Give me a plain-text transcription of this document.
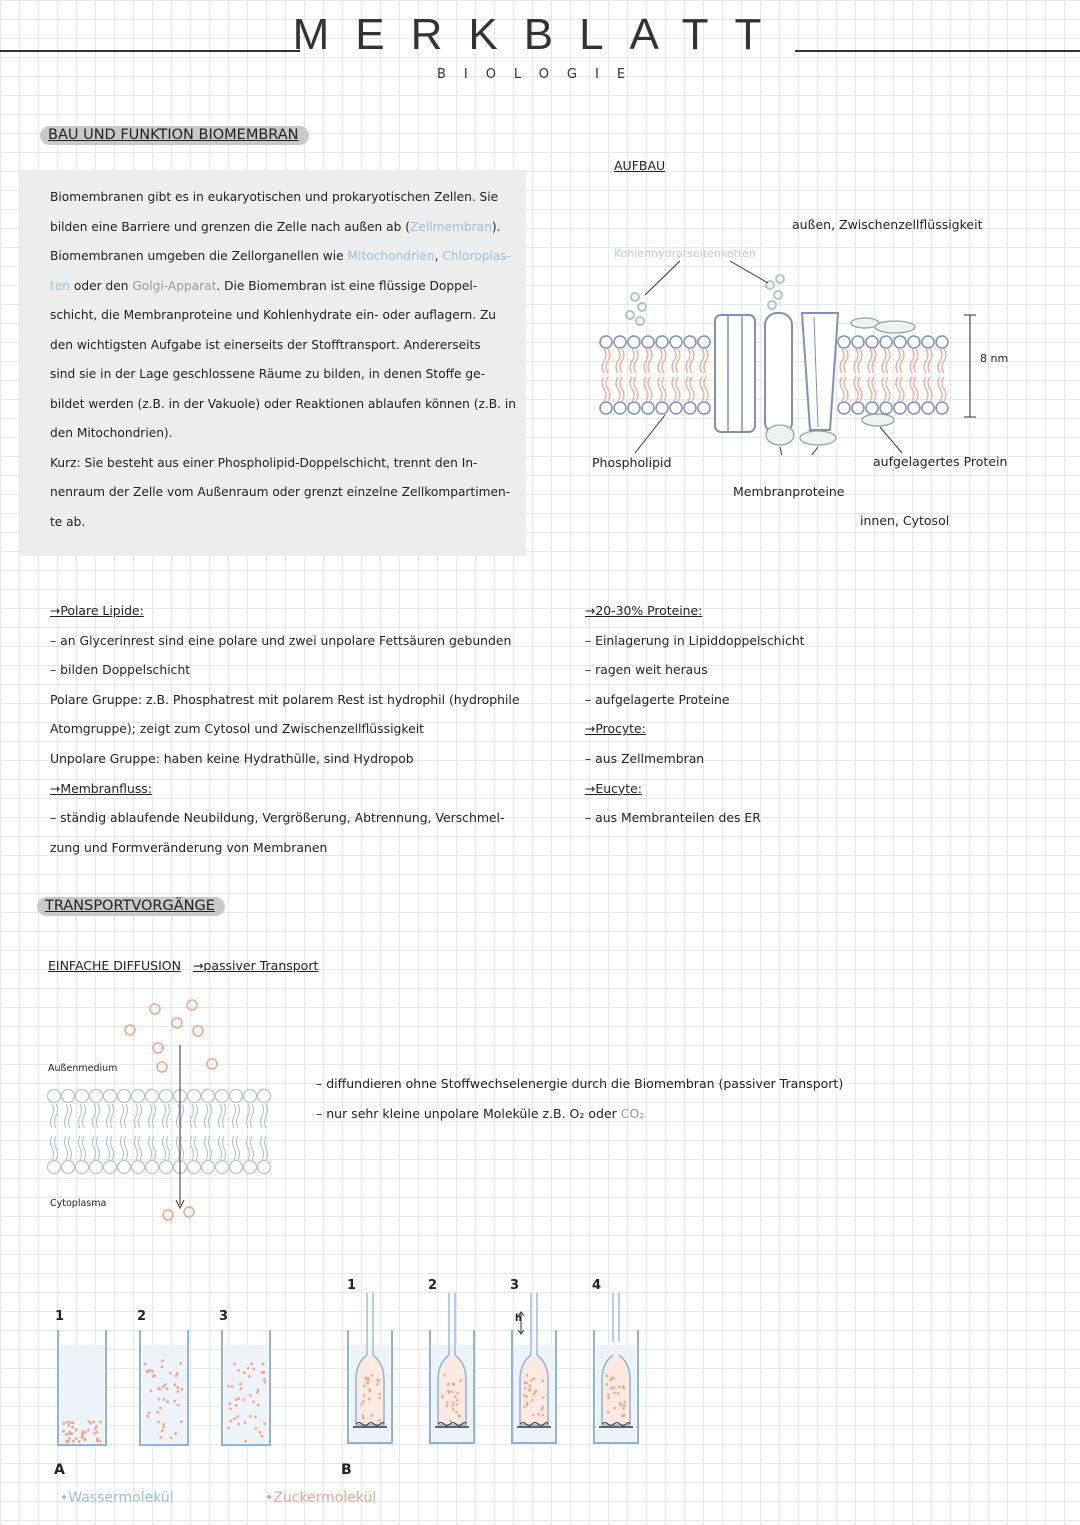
MERKBLATT
BIOLOGIE
BAU UND FUNKTION BIOMEMBRAN
Biomembranen gibt es in eukaryotischen und prokaryotischen Zellen. Sie
bilden eine Barriere und grenzen die Zelle nach außen ab (Zellmembran).
Biomembranen umgeben die Zellorganellen wie Mitochondrien, Chloroplas-
ten oder den Golgi-Apparat. Die Biomembran ist eine flüssige Doppel-
schicht, die Membranproteine und Kohlenhydrate ein- oder auflagern. Zu
den wichtigsten Aufgabe ist einerseits der Stofftransport. Andererseits
sind sie in der Lage geschlossene Räume zu bilden, in denen Stoffe ge-
bildet werden (z.B. in der Vakuole) oder Reaktionen ablaufen können (z.B. in
den Mitochondrien).
Kurz: Sie besteht aus einer Phospholipid-Doppelschicht, trennt den In-
nenraum der Zelle vom Außenraum oder grenzt einzelne Zellkompartimen-
te ab.
AUFBAU
außen, Zwischenzellflüssigkeit
Kohlenhydratseitenketten
8 nm
Phospholipid
Membranproteine
aufgelagertes Protein
innen, Cytosol
→Polare Lipide:
– an Glycerinrest sind eine polare und zwei unpolare Fettsäuren gebunden
– bilden Doppelschicht
Polare Gruppe: z.B. Phosphatrest mit polarem Rest ist hydrophil (hydrophile
Atomgruppe); zeigt zum Cytosol und Zwischenzellflüssigkeit
Unpolare Gruppe: haben keine Hydrathülle, sind Hydropob
→Membranfluss:
– ständig ablaufende Neubildung, Vergrößerung, Abtrennung, Verschmel-
zung und Formveränderung von Membranen
→20-30% Proteine:
– Einlagerung in Lipiddoppelschicht
– ragen weit heraus
– aufgelagerte Proteine
→Procyte:
– aus Zellmembran
→Eucyte:
– aus Membranteilen des ER
TRANSPORTVORGÄNGE
EINFACHE DIFFUSION →passiver Transport
Außenmedium
Cytoplasma
– diffundieren ohne Stoffwechselenergie durch die Biomembran (passiver Transport)
– nur sehr kleine unpolare Moleküle z.B. O₂ oder CO₂
1	2	3
1	2	3	4
h
A	B
•Wassermolekül	•Zuckermolekül
